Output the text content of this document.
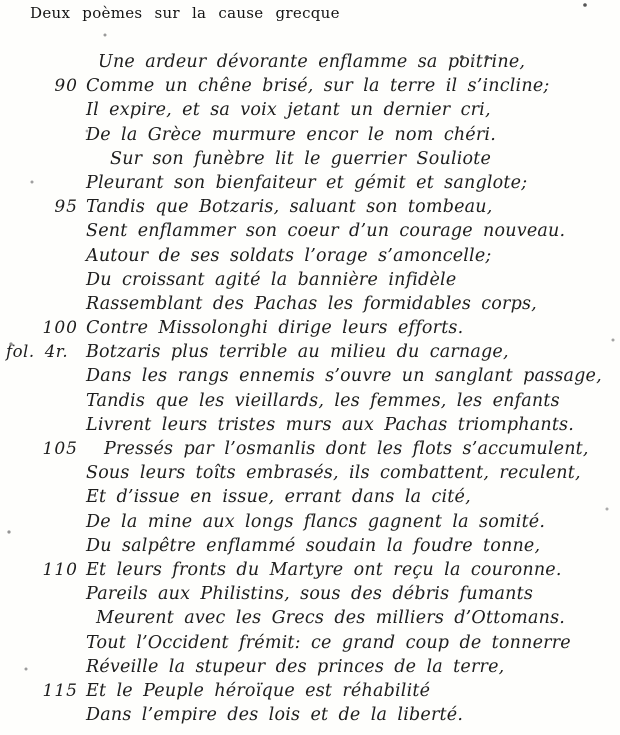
Deux poèmes sur la cause grecque
Une ardeur dévorante enflamme sa poitrine,
90 Comme un chêne brisé, sur la terre il s’incline;
Il expire, et sa voix jetant un dernier cri,
De la Grèce murmure encor le nom chéri.
Sur son funèbre lit le guerrier Souliote
Pleurant son bienfaiteur et gémit et sanglote;
95 Tandis que Botzaris, saluant son tombeau,
Sent enflammer son coeur d’un courage nouveau.
Autour de ses soldats l’orage s’amoncelle;
Du croissant agité la bannière infidèle
Rassemblant des Pachas les formidables corps,
100 Contre Missolonghi dirige leurs efforts.
fol. 4r. Botzaris plus terrible au milieu du carnage,
Dans les rangs ennemis s’ouvre un sanglant passage,
Tandis que les vieillards, les femmes, les enfants
Livrent leurs tristes murs aux Pachas triomphants.
105 Pressés par l’osmanlis dont les flots s’accumulent,
Sous leurs toîts embrasés, ils combattent, reculent,
Et d’issue en issue, errant dans la cité,
De la mine aux longs flancs gagnent la somité.
Du salpêtre enflammé soudain la foudre tonne,
110 Et leurs fronts du Martyre ont reçu la couronne.
Pareils aux Philistins, sous des débris fumants
Meurent avec les Grecs des milliers d’Ottomans.
Tout l’Occident frémit: ce grand coup de tonnerre
Réveille la stupeur des princes de la terre,
115 Et le Peuple héroïque est réhabilité
Dans l’empire des lois et de la liberté.
